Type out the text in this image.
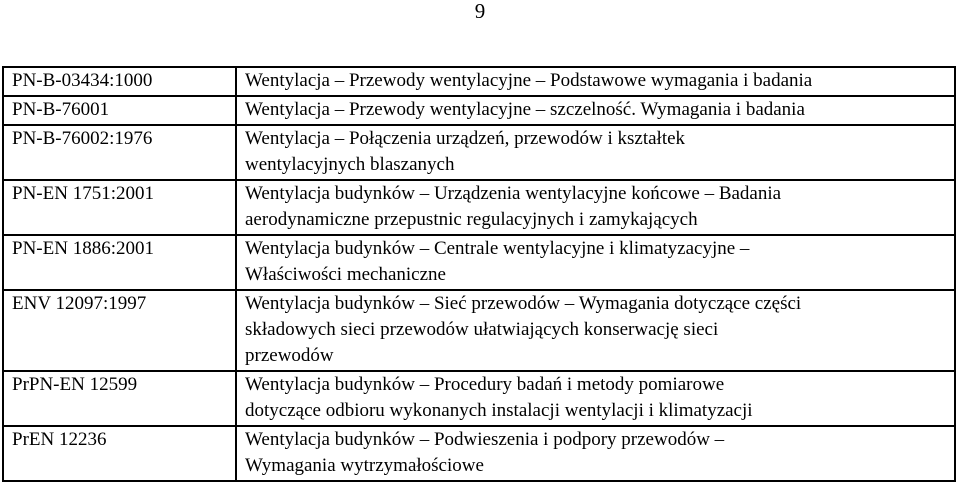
9
PN-B-03434:1000	Wentylacja – Przewody wentylacyjne – Podstawowe wymagania i badania

PN-B-76001	Wentylacja – Przewody wentylacyjne – szczelność. Wymagania i badania

PN-B-76002:1976	Wentylacja – Połączenia urządzeń, przewodów i kształtek
wentylacyjnych blaszanych

PN-EN 1751:2001	Wentylacja budynków – Urządzenia wentylacyjne końcowe – Badania
aerodynamiczne przepustnic regulacyjnych i zamykających

PN-EN 1886:2001	Wentylacja budynków – Centrale wentylacyjne i klimatyzacyjne –
Właściwości mechaniczne

ENV 12097:1997	Wentylacja budynków – Sieć przewodów – Wymagania dotyczące części
składowych sieci przewodów ułatwiających konserwację sieci
przewodów

PrPN-EN 12599	Wentylacja budynków – Procedury badań i metody pomiarowe
dotyczące odbioru wykonanych instalacji wentylacji i klimatyzacji

PrEN 12236	Wentylacja budynków – Podwieszenia i podpory przewodów –
Wymagania wytrzymałościowe
